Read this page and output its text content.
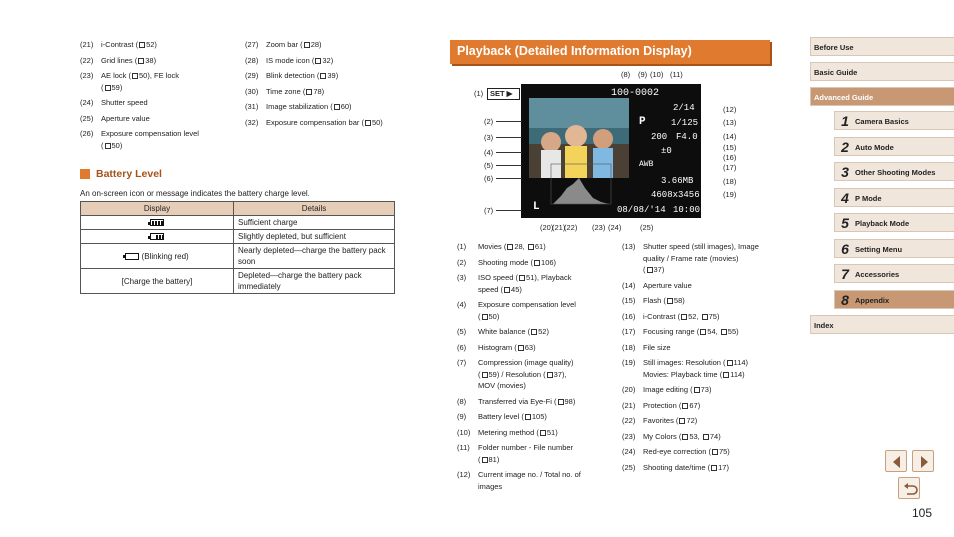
(21)	i-Contrast ( 52)
(22)	Grid lines ( 38)
(23)	AE lock ( 50), FE lock
( 59)
(24)	Shutter speed
(25)	Aperture value
(26)	Exposure compensation level
( 50)
(27)	Zoom bar ( 28)
(28)	IS mode icon ( 32)
(29)	Blink detection ( 39)
(30)	Time zone ( 78)
(31)	Image stabilization ( 60)
(32)	Exposure compensation bar ( 50)
Battery Level
An on-screen icon or message indicates the battery charge level.
Display	Details

	Sufficient charge

	Slightly depleted, but sufficient
(Blinking red)	Nearly depleted—charge the battery pack soon
[Charge the battery]	Depleted—charge the battery pack immediately
Playback (Detailed Information Display)
100-0002
2/14
P	1/125
200 F4.0
±0
AWB
3.66MB
4608x3456
L	08/08/'14 10:00
SET ▶
(1)
(2)
(3)
(4)
(5)
(6)
(7)
(8) (9) (10) (11)
(12)
(13)
(14)
(15)
(16)
(17)
(18)
(19)
(20)
(21)
(22) (23) (24) (25)
(1)	Movies ( 28, 61)
(2)	Shooting mode ( 106)
(3)	ISO speed ( 51), Playback
speed ( 45)
(4)	Exposure compensation level
( 50)
(5)	White balance ( 52)
(6)	Histogram ( 63)
(7)	Compression (image quality)
( 59) / Resolution ( 37),
MOV (movies)
(8)	Transferred via Eye-Fi ( 98)
(9)	Battery level ( 105)
(10)	Metering method ( 51)
(11)	Folder number - File number
( 81)
(12)	Current image no. / Total no. of
images
(13)	Shutter speed (still images), Image
quality / Frame rate (movies)
( 37)
(14)	Aperture value
(15)	Flash ( 58)
(16)	i-Contrast ( 52, 75)
(17)	Focusing range ( 54, 55)
(18)	File size
(19)	Still images: Resolution ( 114)
Movies: Playback time ( 114)
(20)	Image editing ( 73)
(21)	Protection ( 67)
(22)	Favorites ( 72)
(23)	My Colors ( 53, 74)
(24)	Red-eye correction ( 75)
(25)	Shooting date/time ( 17)
Before Use
Basic Guide
Advanced Guide
1 Camera Basics
2 Auto Mode
3 Other Shooting Modes
4 P Mode
5 Playback Mode
6 Setting Menu
7 Accessories
8 Appendix
Index
105
